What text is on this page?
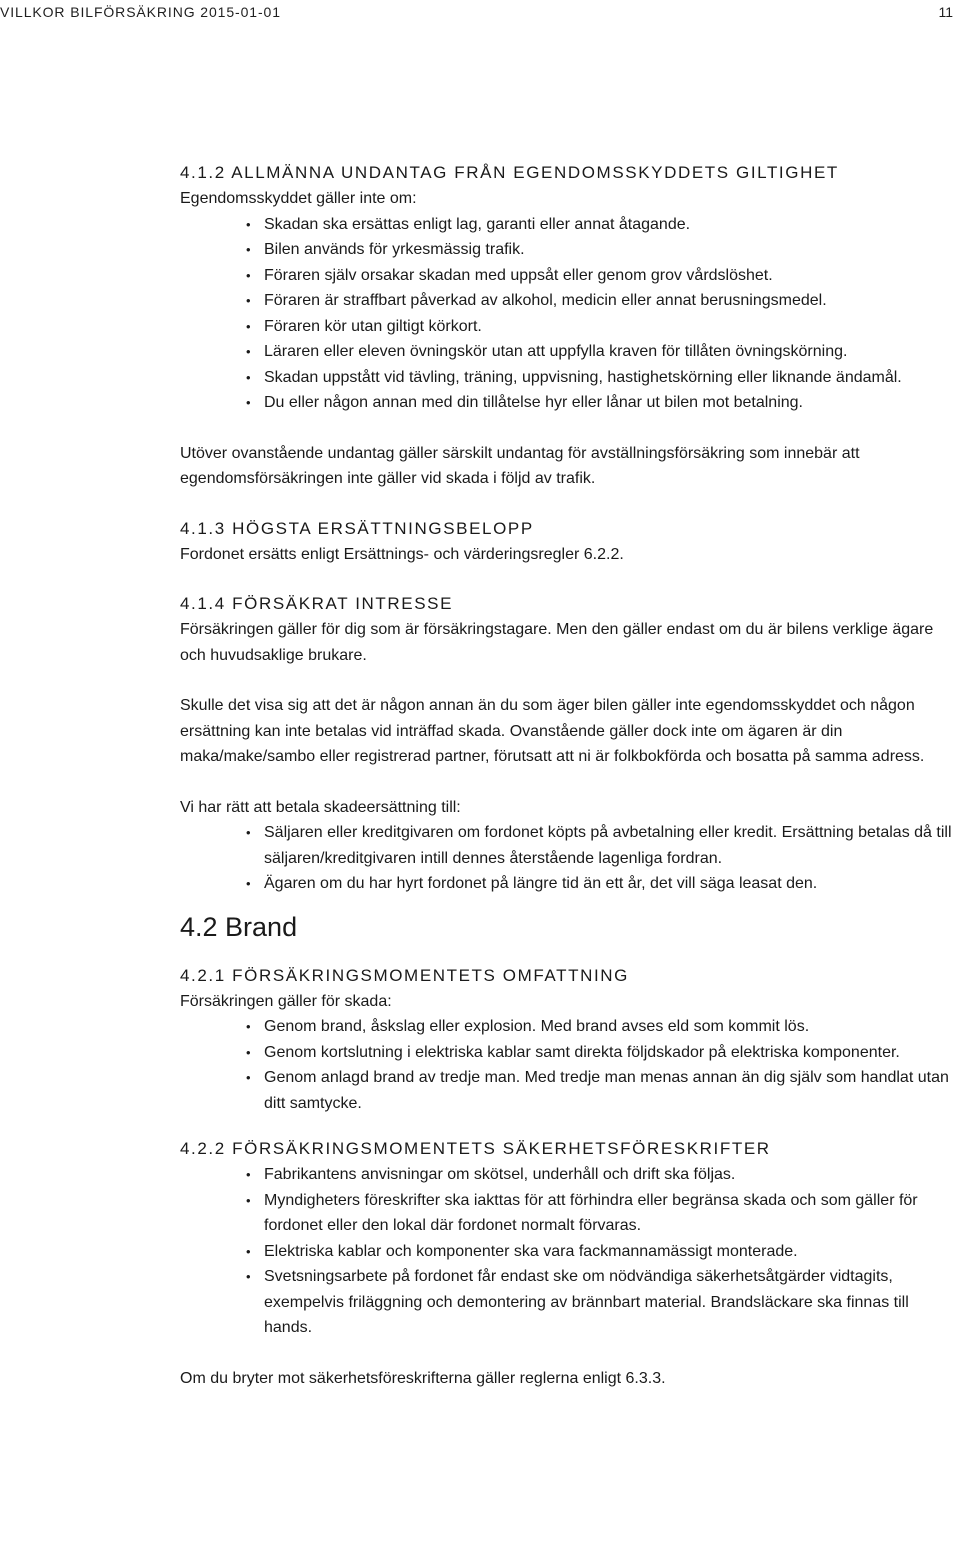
VILLKOR BILFÖRSÄKRING 2015-01-01	11
4.1.2 ALLMÄNNA UNDANTAG FRÅN EGENDOMSSKYDDETS GILTIGHET

Egendomsskyddet gäller inte om:

• Skadan ska ersättas enligt lag, garanti eller annat åtagande.
• Bilen används för yrkesmässig trafik.
• Föraren själv orsakar skadan med uppsåt eller genom grov vårdslöshet.
• Föraren är straffbart påverkad av alkohol, medicin eller annat berusningsmedel.
• Föraren kör utan giltigt körkort.
• Läraren eller eleven övningskör utan att uppfylla kraven för tillåten övningskörning.
• Skadan uppstått vid tävling, träning, uppvisning, hastighetskörning eller liknande ändamål.
• Du eller någon annan med din tillåtelse hyr eller lånar ut bilen mot betalning.

Utöver ovanstående undantag gäller särskilt undantag för avställningsförsäkring som innebär att egendomsförsäkringen inte gäller vid skada i följd av trafik.

4.1.3 HÖGSTA ERSÄTTNINGSBELOPP

Fordonet ersätts enligt Ersättnings- och värderingsregler 6.2.2.

4.1.4 FÖRSÄKRAT INTRESSE

Försäkringen gäller för dig som är försäkringstagare. Men den gäller endast om du är bilens verklige ägare och huvudsaklige brukare.

Skulle det visa sig att det är någon annan än du som äger bilen gäller inte egendomsskyddet och någon ersättning kan inte betalas vid inträffad skada. Ovanstående gäller dock inte om ägaren är din maka/make/sambo eller registrerad partner, förutsatt att ni är folkbokförda och bosatta på samma adress.

Vi har rätt att betala skadeersättning till:

• Säljaren eller kreditgivaren om fordonet köpts på avbetalning eller kredit. Ersättning betalas då till säljaren/kreditgivaren intill dennes återstående lagenliga fordran.
• Ägaren om du har hyrt fordonet på längre tid än ett år, det vill säga leasat den.
4.2 Brand
4.2.1 FÖRSÄKRINGSMOMENTETS OMFATTNING

Försäkringen gäller för skada:

• Genom brand, åskslag eller explosion. Med brand avses eld som kommit lös.
• Genom kortslutning i elektriska kablar samt direkta följdskador på elektriska komponenter.
• Genom anlagd brand av tredje man. Med tredje man menas annan än dig själv som handlat utan ditt samtycke.
4.2.2 FÖRSÄKRINGSMOMENTETS SÄKERHETSFÖRESKRIFTER
• Fabrikantens anvisningar om skötsel, underhåll och drift ska följas.
• Myndigheters föreskrifter ska iakttas för att förhindra eller begränsa skada och som gäller för fordonet eller den lokal där fordonet normalt förvaras.
• Elektriska kablar och komponenter ska vara fackmannamässigt monterade.
• Svetsningsarbete på fordonet får endast ske om nödvändiga säkerhetsåtgärder vidtagits, exempelvis friläggning och demontering av brännbart material. Brandsläckare ska finnas till hands.

Om du bryter mot säkerhetsföreskrifterna gäller reglerna enligt 6.3.3.
